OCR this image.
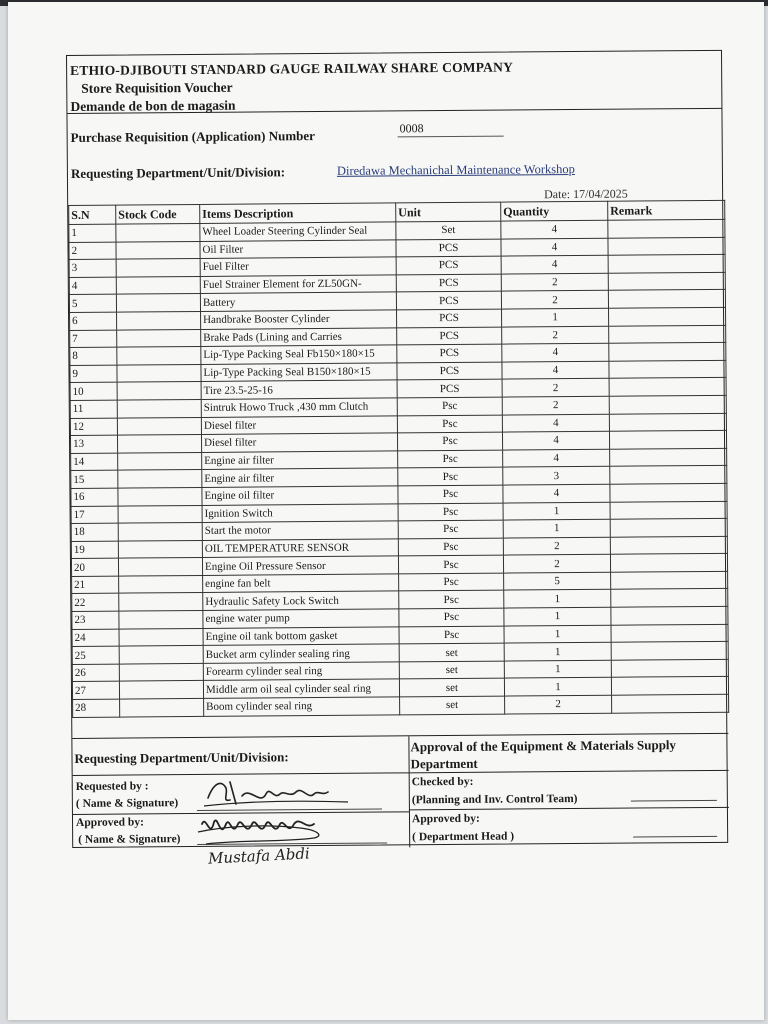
ETHIO-DJIBOUTI STANDARD GAUGE RAILWAY SHARE COMPANY
Store Requisition Voucher
Demande de bon de magasin
Purchase Requisition (Application) Number	0008
Requesting Department/Unit/Division:	Diredawa Mechanichal Maintenance Workshop
Date: 17/04/2025
S.N	Stock Code	Items Description	Unit	Quantity	Remark
1		Wheel Loader Steering Cylinder Seal	Set	4	
2		Oil Filter	PCS	4	
3		Fuel Filter	PCS	4	
4		Fuel Strainer Element for ZL50GN-	PCS	2	
5		Battery	PCS	2	
6		Handbrake Booster Cylinder	PCS	1	
7		Brake Pads (Lining and Carries	PCS	2	
8		Lip-Type Packing Seal Fb150×180×15	PCS	4	
9		Lip-Type Packing Seal B150×180×15	PCS	4	
10		Tire 23.5-25-16	PCS	2	
11		Sintruk Howo Truck ,430 mm Clutch	Psc	2	
12		Diesel filter	Psc	4	
13		Diesel filter	Psc	4	
14		Engine air filter	Psc	4	
15		Engine air filter	Psc	3	
16		Engine oil filter	Psc	4	
17		Ignition Switch	Psc	1	
18		Start the motor	Psc	1	
19		OIL TEMPERATURE SENSOR	Psc	2	
20		Engine Oil Pressure Sensor	Psc	2	
21		engine fan belt	Psc	5	
22		Hydraulic Safety Lock Switch	Psc	1	
23		engine water pump	Psc	1	
24		Engine oil tank bottom gasket	Psc	1	
25		Bucket arm cylinder sealing ring	set	1	
26		Forearm cylinder seal ring	set	1	
27		Middle arm oil seal cylinder seal ring	set	1	
28		Boom cylinder seal ring	set	2	
Requesting Department/Unit/Division:
Requested by :
( Name & Signature)
Approved by:
( Name & Signature)
Approval of the Equipment & Materials Supply Department
Checked by:
(Planning and Inv. Control Team)
Approved by:
( Department Head )
Mustafa Abdi
